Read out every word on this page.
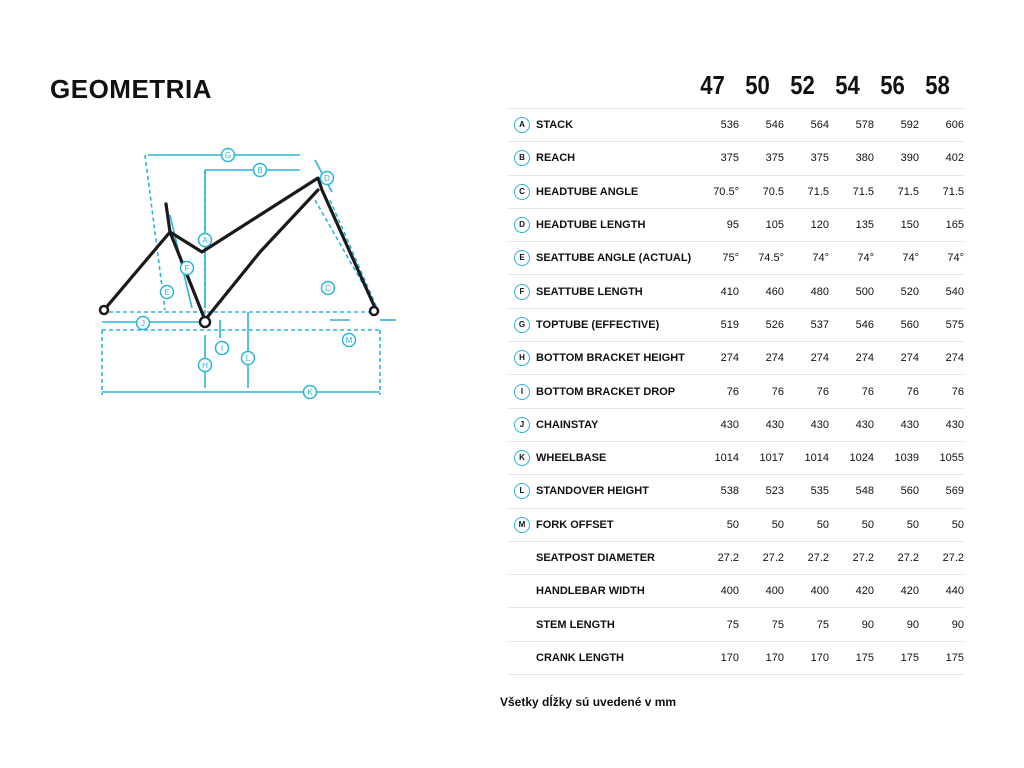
GEOMETRIA
A
B
C
D
E
F
G
H
I
J
K
L
M
47 50 52 54 56 58
A	STACK	536	546	564	578	592	606
B	REACH	375	375	375	380	390	402
C	HEADTUBE ANGLE	70.5°	70.5	71.5	71.5	71.5	71.5
D	HEADTUBE LENGTH	95	105	120	135	150	165
E	SEATTUBE ANGLE (ACTUAL)	75°	74.5°	74°	74°	74°	74°
F	SEATTUBE LENGTH	410	460	480	500	520	540
G	TOPTUBE (EFFECTIVE)	519	526	537	546	560	575
H	BOTTOM BRACKET HEIGHT	274	274	274	274	274	274
I	BOTTOM BRACKET DROP	76	76	76	76	76	76
J	CHAINSTAY	430	430	430	430	430	430
K	WHEELBASE	1014	1017	1014	1024	1039	1055
L	STANDOVER HEIGHT	538	523	535	548	560	569
M	FORK OFFSET	50	50	50	50	50	50
	SEATPOST DIAMETER	27.2	27.2	27.2	27.2	27.2	27.2
	HANDLEBAR WIDTH	400	400	400	420	420	440
	STEM LENGTH	75	75	75	90	90	90
	CRANK LENGTH	170	170	170	175	175	175
Všetky dĺžky sú uvedené v mm
